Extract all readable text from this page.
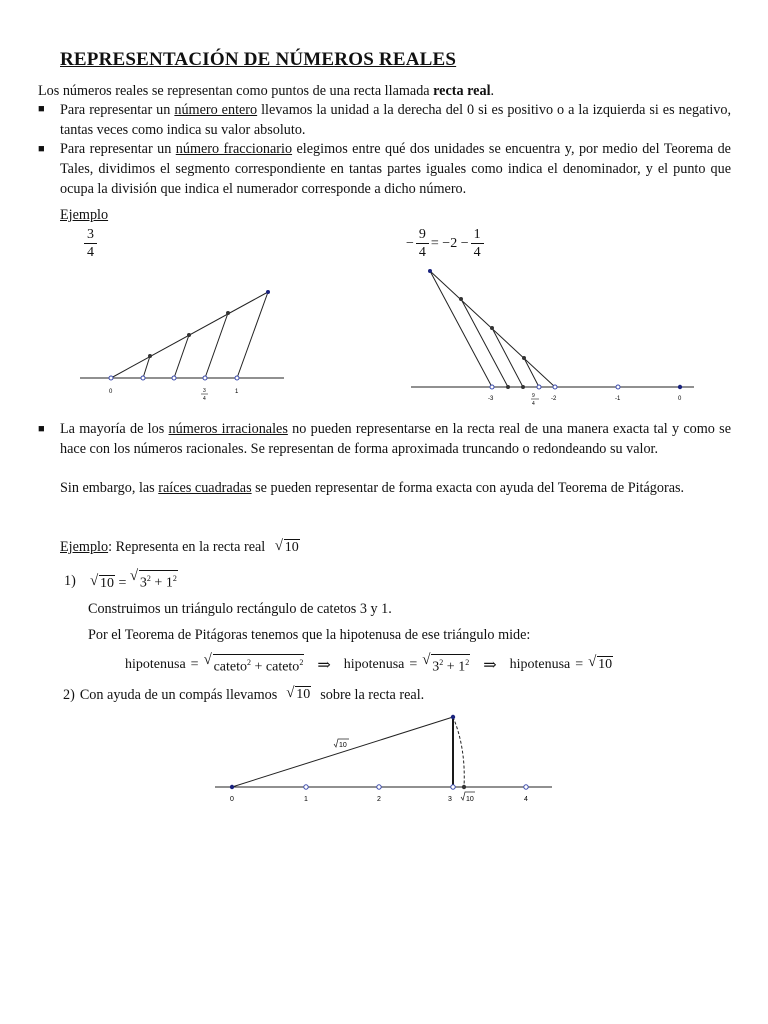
REPRESENTACIÓN DE NÚMEROS REALES
Los números reales se representan como puntos de una recta llamada recta real.
■ Para representar un número entero llevamos la unidad a la derecha del 0 si es positivo o a la izquierda si es negativo, tantas veces como indica su valor absoluto.
■ Para representar un número fraccionario elegimos entre qué dos unidades se encuentra y, por medio del Teorema de Tales, dividimos el segmento correspondiente en tantas partes iguales como indica el denominador, y el punto que ocupa la división que indica el numerador corresponde a dicho número.
Ejemplo
$\frac{3}{4}$	− $\frac{9}{4} = -2 - \frac{1}{4}$
0	3
4
1
-3	9
4
-2	-1	0
■ La mayoría de los números irracionales no pueden representarse en la recta real de una manera exacta tal y como se hace con los números racionales. Se representan de forma aproximada truncando o redondeando su valor.
Sin embargo, las raíces cuadradas se pueden representar de forma exacta con ayuda del Teorema de Pitágoras.
Ejemplo: Representa en la recta real √ 10
1) √ 10 = √ $3^2 + 1^2$
Construimos un triángulo rectángulo de catetos 3 y 1.
Por el Teorema de Pitágoras tenemos que la hipotenusa de ese triángulo mide:
hipotenusa = √ cateto$^2$ + cateto$^2$ ⇒ hipotenusa = √ $3^2 + 1^2$ ⇒ hipotenusa = √ 10
2) Con ayuda de un compás llevamos √ 10 sobre la recta real.
0	1	2	3 10	4
10
